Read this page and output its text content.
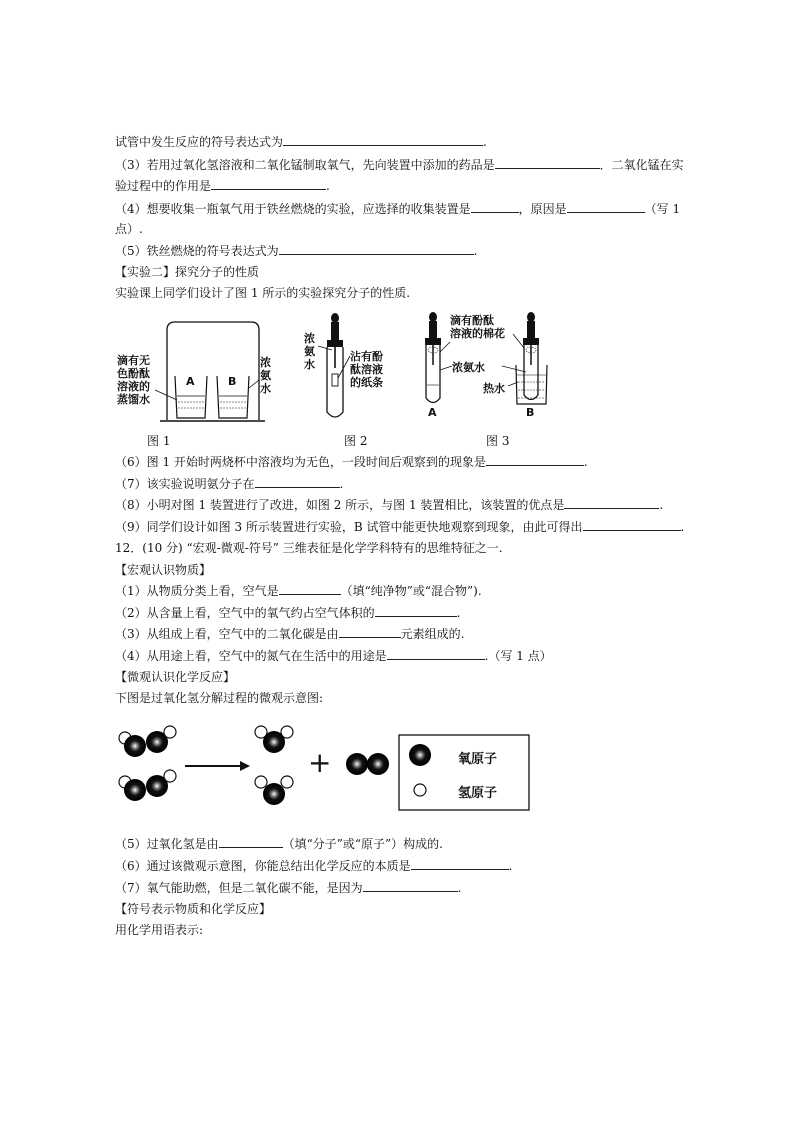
试管中发生反应的符号表达式为	.
（3）若用过氧化氢溶液和二氧化锰制取氧气，先向装置中添加的药品是	．二氧化锰在实
验过程中的作用是	.
（4）想要收集一瓶氧气用于铁丝燃烧的实验，应选择的收集装置是	，原因是	（写 1
点）.
（5）铁丝燃烧的符号表达式为	.
【实验二】探究分子的性质
实验课上同学们设计了图 1 所示的实验探究分子的性质.
滴有无
色酚酞
溶液的
蒸馏水
浓
氨
水
A	B
图 1
浓
氨
水
沾有酚
酞溶液
的纸条
图 2
滴有酚酞
溶液的棉花
浓氨水
热水
A	B
图 3
（6）图 1 开始时两烧杯中溶液均为无色，一段时间后观察到的现象是	.
（7）该实验说明氨分子在	.
（8）小明对图 1 装置进行了改进，如图 2 所示，与图 1 装置相比，该装置的优点是	.
（9）同学们设计如图 3 所示装置进行实验，B 试管中能更快地观察到现象，由此可得出	.
12．(10 分) “宏观-微观-符号” 三维表征是化学学科特有的思维特征之一.
【宏观认识物质】
（1）从物质分类上看，空气是	（填“纯净物”或“混合物”).
（2）从含量上看，空气中的氧气约占空气体积的	.
（3）从组成上看，空气中的二氧化碳是由	元素组成的.
（4）从用途上看，空气中的氮气在生活中的用途是	.（写 1 点）
【微观认识化学反应】
下图是过氧化氢分解过程的微观示意图:
+	氧原子
氢原子
（5）过氧化氢是由	（填“分子”或“原子”）构成的.
（6）通过该微观示意图，你能总结出化学反应的本质是	.
（7）氧气能助燃，但是二氧化碳不能，是因为	.
【符号表示物质和化学反应】
用化学用语表示:
